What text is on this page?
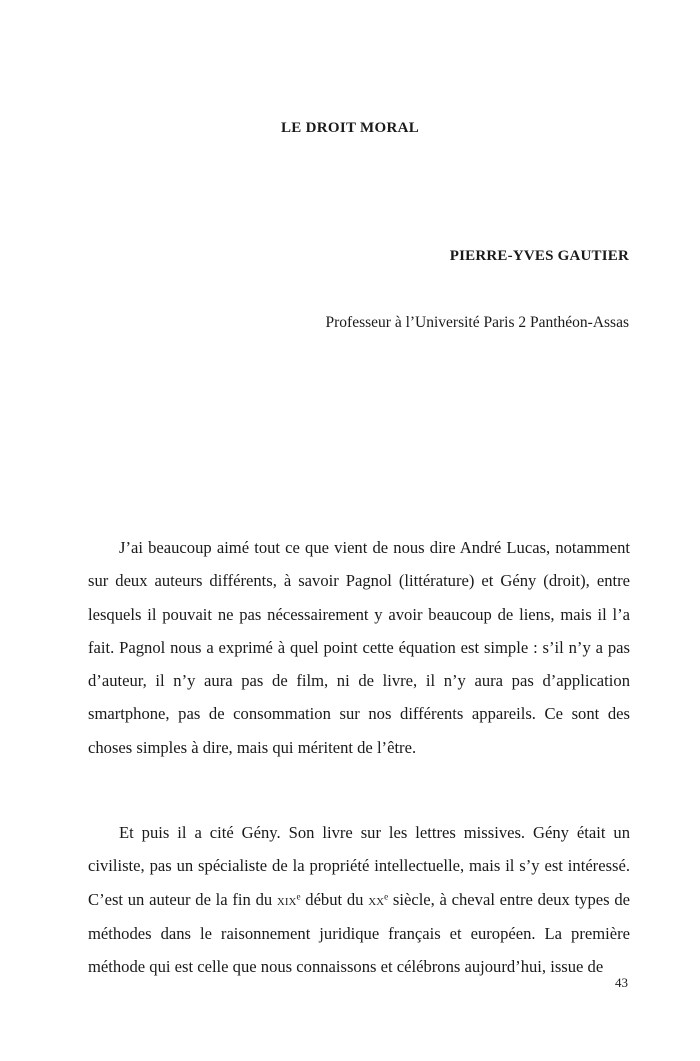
LE DROIT MORAL

PIERRE-YVES GAUTIER

Professeur à l’Université Paris 2 Panthéon-Assas

J’ai beaucoup aimé tout ce que vient de nous dire André Lucas, notamment sur deux auteurs différents, à savoir Pagnol (littérature) et Gény (droit), entre lesquels il pouvait ne pas nécessairement y avoir beaucoup de liens, mais il l’a fait. Pagnol nous a exprimé à quel point cette équation est simple : s’il n’y a pas d’auteur, il n’y aura pas de film, ni de livre, il n’y aura pas d’application smartphone, pas de consommation sur nos différents appareils. Ce sont des choses simples à dire, mais qui méritent de l’être.

Et puis il a cité Gény. Son livre sur les lettres missives. Gény était un civiliste, pas un spécialiste de la propriété intellectuelle, mais il s’y est intéressé. C’est un auteur de la fin du xix$^e$ début du $xx^e$ siècle, à cheval entre deux types de méthodes dans le raisonnement juridique français et européen. La première méthode qui est celle que nous connaissons et célébrons aujourd’hui, issue de

43
